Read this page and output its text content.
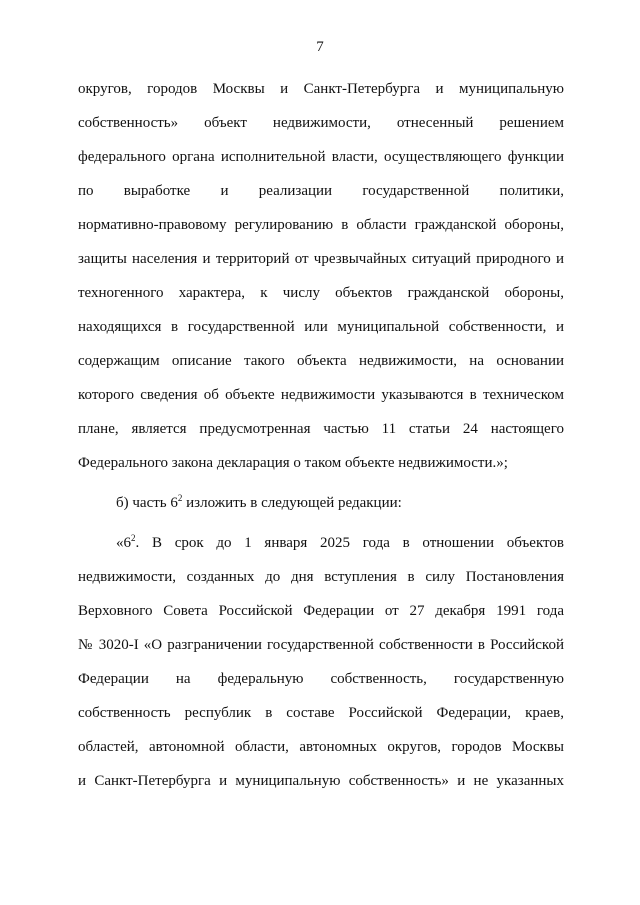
7
округов, городов Москвы и Санкт-Петербурга и муниципальную
собственность» объект недвижимости, отнесенный решением
федерального органа исполнительной власти, осуществляющего функции
по выработке и реализации государственной политики,
нормативно-правовому регулированию в области гражданской обороны,
защиты населения и территорий от чрезвычайных ситуаций природного и
техногенного характера, к числу объектов гражданской обороны,
находящихся в государственной или муниципальной собственности, и
содержащим описание такого объекта недвижимости, на основании
которого сведения об объекте недвижимости указываются в техническом
плане, является предусмотренная частью 11 статьи 24 настоящего
Федерального закона декларация о таком объекте недвижимости.»;
б) часть $6^2$ изложить в следующей редакции:
«$6^2$. В срок до 1 января 2025 года в отношении объектов
недвижимости, созданных до дня вступления в силу Постановления
Верховного Совета Российской Федерации от 27 декабря 1991 года
№ 3020-I «О разграничении государственной собственности в Российской
Федерации на федеральную собственность, государственную
собственность республик в составе Российской Федерации, краев,
областей, автономной области, автономных округов, городов Москвы
и Санкт-Петербурга и муниципальную собственность» и не указанных
